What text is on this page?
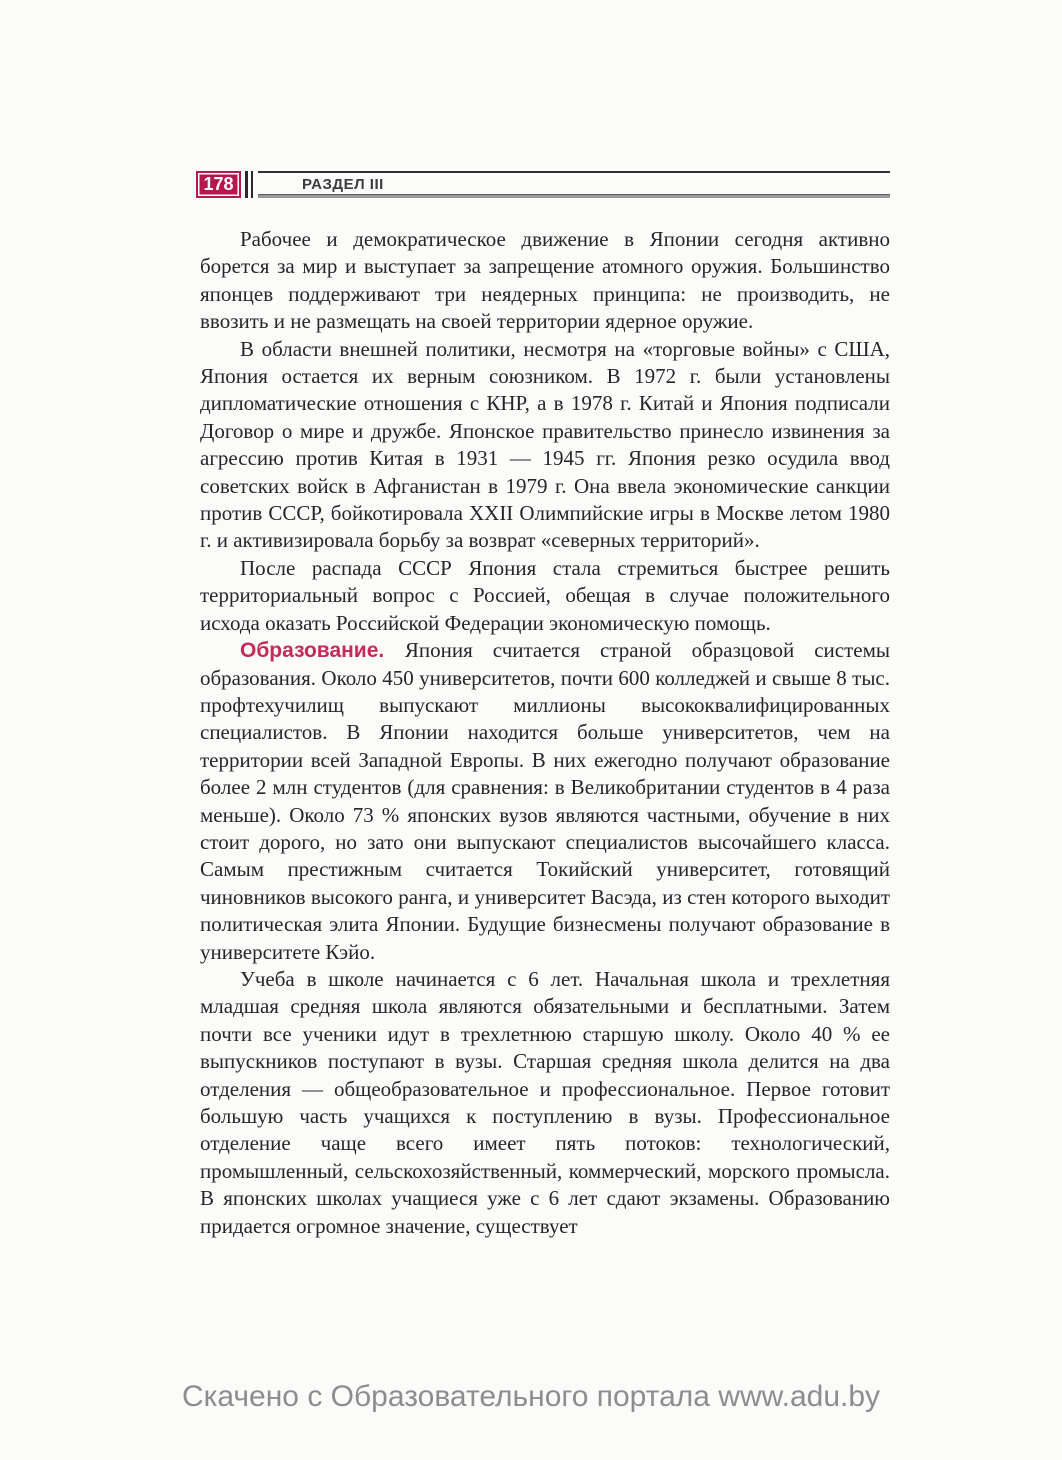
178	РАЗДЕЛ III

Рабочее и демократическое движение в Японии сегодня активно борется за мир и выступает за запрещение атомного оружия. Большинство японцев поддерживают три неядерных принципа: не производить, не ввозить и не размещать на своей территории ядерное оружие.

В области внешней политики, несмотря на «торговые войны» с США, Япония остается их верным союзником. В 1972 г. были установлены дипломатические отношения с КНР, а в 1978 г. Китай и Япония подписали Договор о мире и дружбе. Японское правительство принесло извинения за агрессию против Китая в 1931 — 1945 гг. Япония резко осудила ввод советских войск в Афганистан в 1979 г. Она ввела экономические санкции против СССР, бойкотировала XXII Олимпийские игры в Москве летом 1980 г. и активизировала борьбу за возврат «северных территорий».

После распада СССР Япония стала стремиться быстрее решить территориальный вопрос с Россией, обещая в случае положительного исхода оказать Российской Федерации экономическую помощь.

Образование. Япония считается страной образцовой системы образования. Около 450 университетов, почти 600 колледжей и свыше 8 тыс. профтехучилищ выпускают миллионы высококвалифицированных специалистов. В Японии находится больше университетов, чем на территории всей Западной Европы. В них ежегодно получают образование более 2 млн студентов (для сравнения: в Великобритании студентов в 4 раза меньше). Около 73 % японских вузов являются частными, обучение в них стоит дорого, но зато они выпускают специалистов высочайшего класса. Самым престижным считается Токийский университет, готовящий чиновников высокого ранга, и университет Васэда, из стен которого выходит политическая элита Японии. Будущие бизнесмены получают образование в университете Кэйо.

Учеба в школе начинается с 6 лет. Начальная школа и трехлетняя младшая средняя школа являются обязательными и бесплатными. Затем почти все ученики идут в трехлетнюю старшую школу. Около 40 % ее выпускников поступают в вузы. Старшая средняя школа делится на два отделения — общеобразовательное и профессиональное. Первое готовит большую часть учащихся к поступлению в вузы. Профессиональное отделение чаще всего имеет пять потоков: технологический, промышленный, сельскохозяйственный, коммерческий, морского промысла. В японских школах учащиеся уже с 6 лет сдают экзамены. Образованию придается огромное значение, существует

Скачено с Образовательного портала www.adu.by
